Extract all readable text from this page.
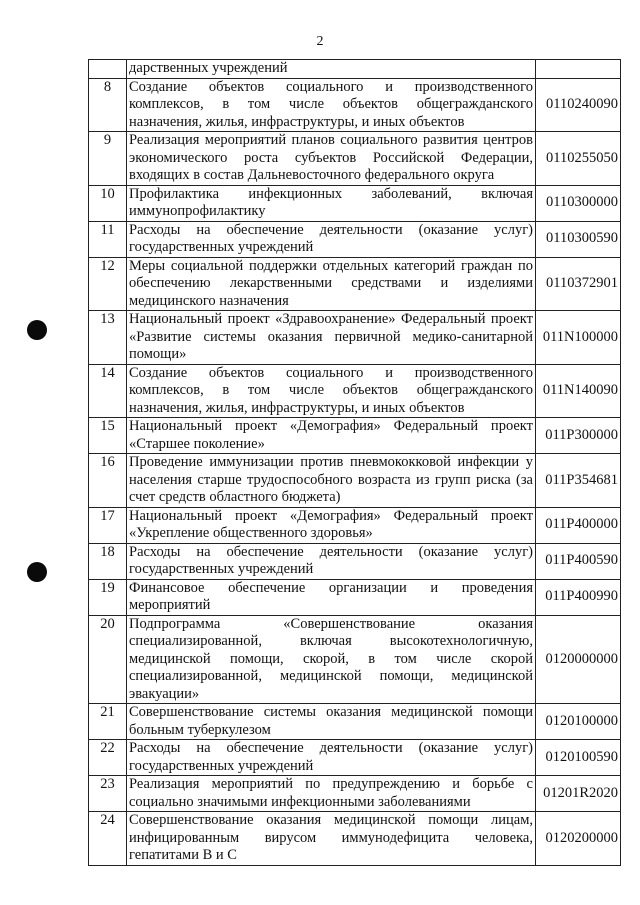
2
	дарственных учреждений	
8	Создание объектов социального и производственного комплексов, в том числе объектов общегражданского назначения, жилья, инфраструктуры, и иных объектов	0110240090
9	Реализация мероприятий планов социального развития центров экономического роста субъектов Российской Федерации, входящих в состав Дальневосточного федерального округа	0110255050
10	Профилактика инфекционных заболеваний, включая иммунопрофилактику	0110300000
11	Расходы на обеспечение деятельности (оказание услуг) государственных учреждений	0110300590
12	Меры социальной поддержки отдельных категорий граждан по обеспечению лекарственными средствами и изделиями медицинского назначения	0110372901
13	Национальный проект «Здравоохранение» Федеральный проект «Развитие системы оказания первичной медико-санитарной помощи»	011N100000
14	Создание объектов социального и производственного комплексов, в том числе объектов общегражданского назначения, жилья, инфраструктуры, и иных объектов	011N140090
15	Национальный проект «Демография» Федеральный проект «Старшее поколение»	011P300000
16	Проведение иммунизации против пневмококковой инфекции у населения старше трудоспособного возраста из групп риска (за счет средств областного бюджета)	011P354681
17	Национальный проект «Демография» Федеральный проект «Укрепление общественного здоровья»	011P400000
18	Расходы на обеспечение деятельности (оказание услуг) государственных учреждений	011P400590
19	Финансовое обеспечение организации и проведения мероприятий	011P400990
20	Подпрограмма «Совершенствование оказания специализированной, включая высокотехнологичную, медицинской помощи, скорой, в том числе скорой специализированной, медицинской помощи, медицинской эвакуации»	0120000000
21	Совершенствование системы оказания медицинской помощи больным туберкулезом	0120100000
22	Расходы на обеспечение деятельности (оказание услуг) государственных учреждений	0120100590
23	Реализация мероприятий по предупреждению и борьбе с социально значимыми инфекционными заболеваниями	01201R2020
24	Совершенствование оказания медицинской помощи лицам, инфицированным вирусом иммунодефицита человека, гепатитами В и С	0120200000
